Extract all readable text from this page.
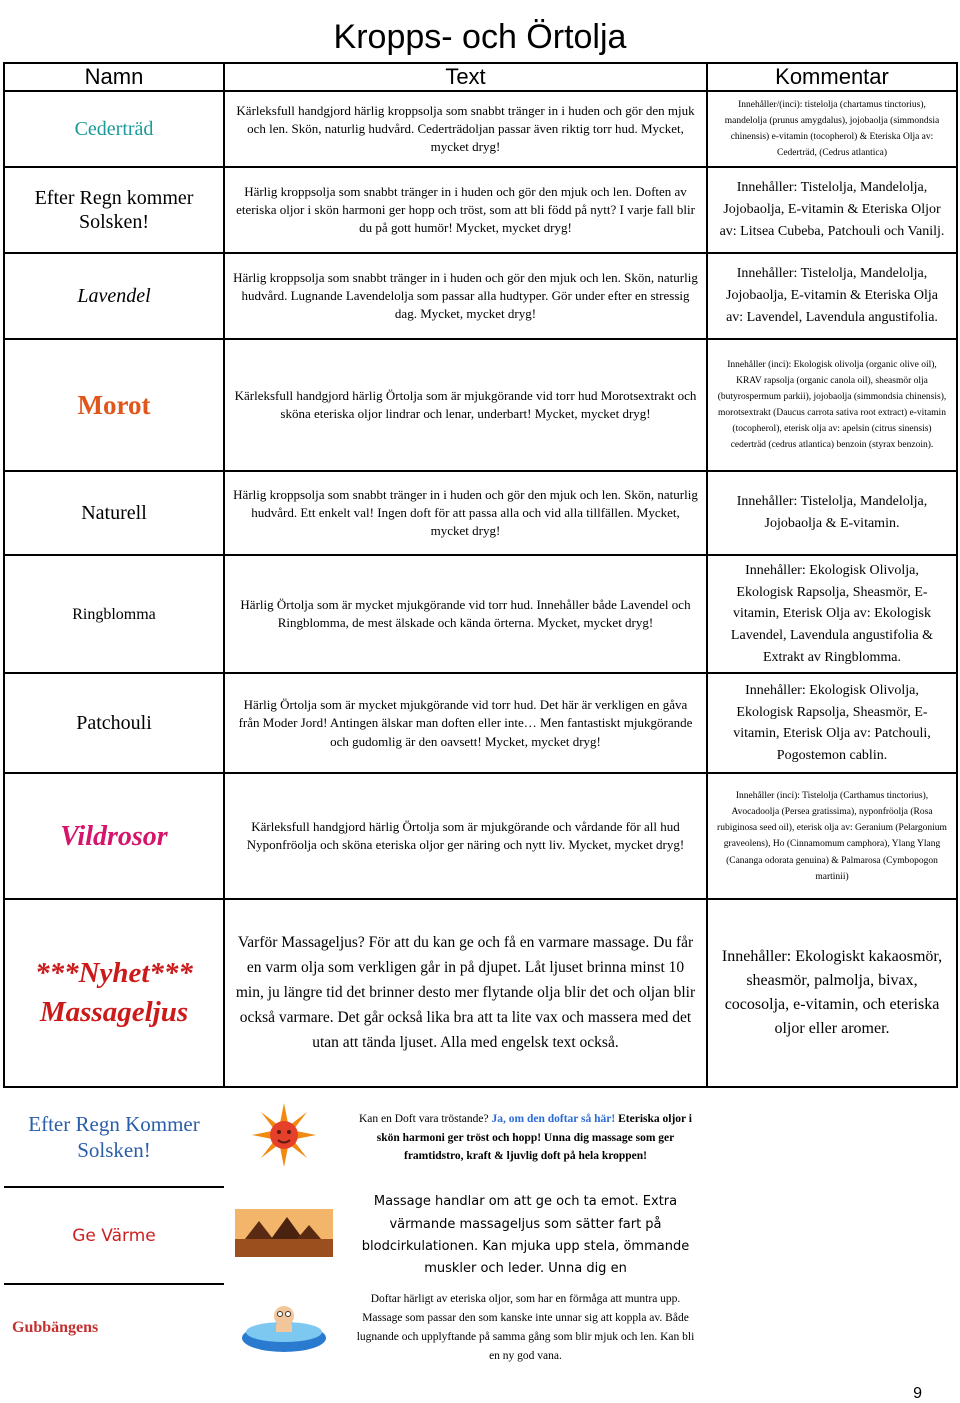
Kropps- och Örtolja
Namn	Text	Kommentar
Cederträd	Kärleksfull handgjord härlig kroppsolja som snabbt tränger in i huden och gör den mjuk och len. Skön, naturlig hudvård. Cederträdoljan passar även riktig torr hud. Mycket, mycket dryg!	Innehåller/(inci): tistelolja (chartamus tinctorius), mandelolja (prunus amygdalus), jojobaolja (simmondsia chinensis) e-vitamin (tocopherol) & Eteriska Olja av: Cederträd, (Cedrus atlantica)
Efter Regn kommer Solsken!	Härlig kroppsolja som snabbt tränger in i huden och gör den mjuk och len. Doften av eteriska oljor i skön harmoni ger hopp och tröst, som att bli född på nytt? I varje fall blir du på gott humör! Mycket, mycket dryg!	Innehåller: Tistelolja, Mandelolja, Jojobaolja, E-vitamin & Eteriska Oljor av: Litsea Cubeba, Patchouli och Vanilj.
Lavendel	Härlig kroppsolja som snabbt tränger in i huden och gör den mjuk och len. Skön, naturlig hudvård. Lugnande Lavendelolja som passar alla hudtyper. Gör under efter en stressig dag. Mycket, mycket dryg!	Innehåller: Tistelolja, Mandelolja, Jojobaolja, E-vitamin & Eteriska Olja av: Lavendel, Lavendula angustifolia.
Morot	Kärleksfull handgjord härlig Örtolja som är mjukgörande vid torr hud Morotsextrakt och sköna eteriska oljor lindrar och lenar, underbart! Mycket, mycket dryg!	Innehåller (inci): Ekologisk olivolja (organic olive oil), KRAV rapsolja (organic canola oil), sheasmör olja (butyrospermum parkii), jojobaolja (simmondsia chinensis), morotsextrakt (Daucus carrota sativa root extract) e-vitamin (tocopherol), eterisk olja av: apelsin (citrus sinensis) cederträd (cedrus atlantica) benzoin (styrax benzoin).
Naturell	Härlig kroppsolja som snabbt tränger in i huden och gör den mjuk och len. Skön, naturlig hudvård. Ett enkelt val! Ingen doft för att passa alla och vid alla tillfällen. Mycket, mycket dryg!	Innehåller: Tistelolja, Mandelolja, Jojobaolja & E-vitamin.
Ringblomma	Härlig Örtolja som är mycket mjukgörande vid torr hud. Innehåller både Lavendel och Ringblomma, de mest älskade och kända örterna. Mycket, mycket dryg!	Innehåller: Ekologisk Olivolja, Ekologisk Rapsolja, Sheasmör, E-vitamin, Eterisk Olja av: Ekologisk Lavendel, Lavendula angustifolia & Extrakt av Ringblomma.
Patchouli	Härlig Örtolja som är mycket mjukgörande vid torr hud. Det här är verkligen en gåva från Moder Jord! Antingen älskar man doften eller inte… Men fantastiskt mjukgörande och gudomlig är den oavsett! Mycket, mycket dryg!	Innehåller: Ekologisk Olivolja, Ekologisk Rapsolja, Sheasmör, E-vitamin, Eterisk Olja av: Patchouli, Pogostemon cablin.
Vildrosor	Kärleksfull handgjord härlig Örtolja som är mjukgörande och vårdande för all hud Nyponfröolja och sköna eteriska oljor ger näring och nytt liv. Mycket, mycket dryg!	Innehåller (inci): Tistelolja (Carthamus tinctorius), Avocadoolja (Persea gratissima), nyponfröolja (Rosa rubiginosa seed oil), eterisk olja av: Geranium (Pelargonium graveolens), Ho (Cinnamomum camphora), Ylang Ylang (Cananga odorata genuina) & Palmarosa (Cymbopogon martinii)
***Nyhet*** Massageljus	Varför Massageljus? För att du kan ge och få en varmare massage. Du får en varm olja som verkligen går in på djupet. Låt ljuset brinna minst 10 min, ju längre tid det brinner desto mer flytande olja blir det och oljan blir också varmare. Det går också lika bra att ta lite vax och massera med det utan att tända ljuset. Alla med engelsk text också.	Innehåller: Ekologiskt kakaosmör, sheasmör, palmolja, bivax, cocosolja, e-vitamin, och eteriska oljor eller aromer.
Efter Regn Kommer Solsken!	Kan en Doft vara tröstande? Ja, om den doftar så här! Eteriska oljor i skön harmoni ger tröst och hopp! Unna dig massage som ger framtidstro, kraft & ljuvlig doft på hela kroppen!	

Ge Värme	Massage handlar om att ge och ta emot. Extra värmande massageljus som sätter fart på blodcirkulationen. Kan mjuka upp stela, ömmande muskler och leder. Unna dig en	

Gubbängens	Doftar härligt av eteriska oljor, som har en förmåga att muntra upp. Massage som passar den som kanske inte unnar sig att koppla av. Både lugnande och upplyftande på samma gång som blir mjuk och len. Kan bli en ny god vana.	

9
